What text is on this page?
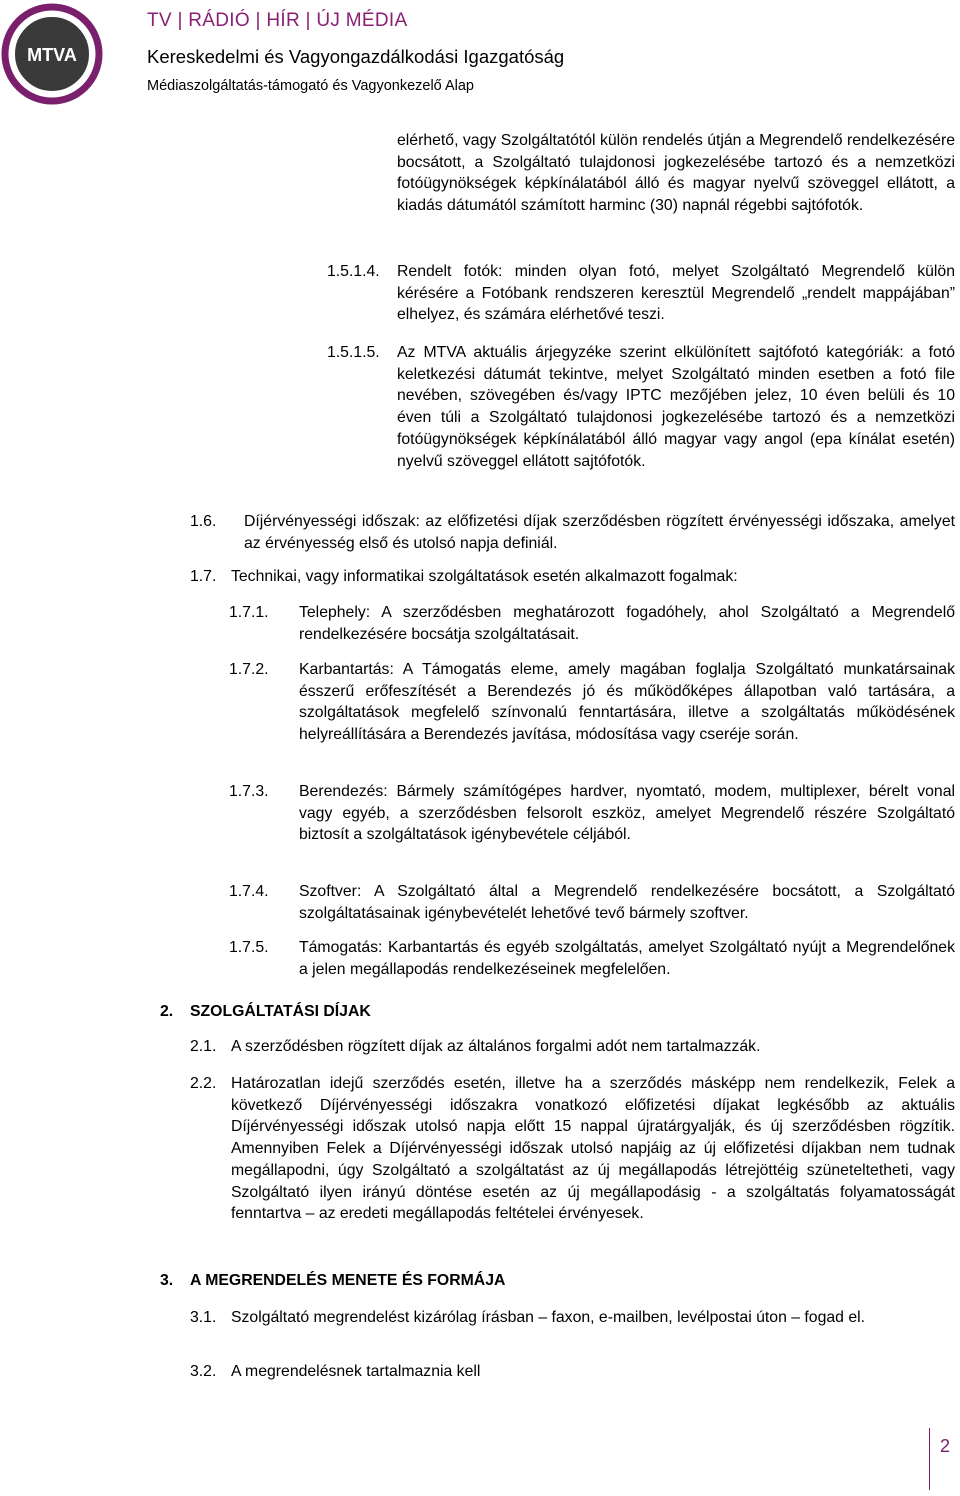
MTVA
TV | RÁDIÓ | HÍR | ÚJ MÉDIA
Kereskedelmi és Vagyongazdálkodási Igazgatóság
Médiaszolgáltatás-támogató és Vagyonkezelő Alap
elérhető, vagy Szolgáltatótól külön rendelés útján a Megrendelő rendelkezésére bocsátott, a Szolgáltató tulajdonosi jogkezelésébe tartozó és a nemzetközi fotóügynökségek képkínálatából álló és magyar nyelvű szöveggel ellátott, a kiadás dátumától számított harminc (30) napnál régebbi sajtófotók.
1.5.1.4. Rendelt fotók: minden olyan fotó, melyet Szolgáltató Megrendelő külön kérésére a Fotóbank rendszeren keresztül Megrendelő „rendelt mappájában” elhelyez, és számára elérhetővé teszi.
1.5.1.5. Az MTVA aktuális árjegyzéke szerint elkülönített sajtófotó kategóriák: a fotó keletkezési dátumát tekintve, melyet Szolgáltató minden esetben a fotó file nevében, szövegében és/vagy IPTC mezőjében jelez, 10 éven belüli és 10 éven túli a Szolgáltató tulajdonosi jogkezelésébe tartozó és a nemzetközi fotóügynökségek képkínálatából álló magyar vagy angol (epa kínálat esetén) nyelvű szöveggel ellátott sajtófotók.
1.6. Díjérvényességi időszak: az előfizetési díjak szerződésben rögzített érvényességi időszaka, amelyet az érvényesség első és utolsó napja definiál.
1.7. Technikai, vagy informatikai szolgáltatások esetén alkalmazott fogalmak:
1.7.1. Telephely: A szerződésben meghatározott fogadóhely, ahol Szolgáltató a Megrendelő rendelkezésére bocsátja szolgáltatásait.
1.7.2. Karbantartás: A Támogatás eleme, amely magában foglalja Szolgáltató munkatársainak ésszerű erőfeszítését a Berendezés jó és működőképes állapotban való tartására, a szolgáltatások megfelelő színvonalú fenntartására, illetve a szolgáltatás működésének helyreállítására a Berendezés javítása, módosítása vagy cseréje során.
1.7.3. Berendezés: Bármely számítógépes hardver, nyomtató, modem, multiplexer, bérelt vonal vagy egyéb, a szerződésben felsorolt eszköz, amelyet Megrendelő részére Szolgáltató biztosít a szolgáltatások igénybevétele céljából.
1.7.4. Szoftver: A Szolgáltató által a Megrendelő rendelkezésére bocsátott, a Szolgáltató szolgáltatásainak igénybevételét lehetővé tevő bármely szoftver.
1.7.5. Támogatás: Karbantartás és egyéb szolgáltatás, amelyet Szolgáltató nyújt a Megrendelőnek a jelen megállapodás rendelkezéseinek megfelelően.
2. SZOLGÁLTATÁSI DÍJAK
2.1. A szerződésben rögzített díjak az általános forgalmi adót nem tartalmazzák.
2.2. Határozatlan idejű szerződés esetén, illetve ha a szerződés másképp nem rendelkezik, Felek a következő Díjérvényességi időszakra vonatkozó előfizetési díjakat legkésőbb az aktuális Díjérvényességi időszak utolsó napja előtt 15 nappal újratárgyalják, és új szerződésben rögzítik. Amennyiben Felek a Díjérvényességi időszak utolsó napjáig az új előfizetési díjakban nem tudnak megállapodni, úgy Szolgáltató a szolgáltatást az új megállapodás létrejöttéig szüneteltetheti, vagy Szolgáltató ilyen irányú döntése esetén az új megállapodásig - a szolgáltatás folyamatosságát fenntartva – az eredeti megállapodás feltételei érvényesek.
3. A MEGRENDELÉS MENETE ÉS FORMÁJA
3.1. Szolgáltató megrendelést kizárólag írásban – faxon, e-mailben, levélpostai úton – fogad el.
3.2. A megrendelésnek tartalmaznia kell
2
